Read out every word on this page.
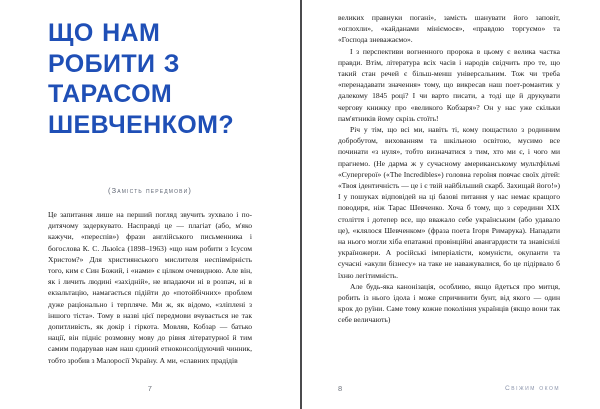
ЩО НАМ РОБИТИ З ТАРАСОМ ШЕВЧЕНКОМ?

(Замість передмови)

Це запитання лише на перший погляд звучить зухвало і по-дитячому задеркувато. Насправді це — плагіат (або, м'яко кажучи, «переспів») фрази англійського письменника і богослова К. С. Льюїса (1898–1963) «що нам робити з Ісусом Христом?» Для християнського мислителя неспівмірність того, ким є Син Божий, і «нами» є цілком очевидною. Але він, як і личить людині «західній», не впадаючи ні в розпач, ні в екзальтацію, намагається підійти до «потойбічних» проблем дуже раціонально і терпляче. Ми ж, як відомо, «зліплені з іншого тіста». Тому в назві цієї передмови вчувається не так допитливість, як докір і гіркота. Мовляв, Кобзар — батько нації, він підніс розмовну мову до рівня літературної й тим самим подарував нам наш єдиний етноконсолідуючий чинник, тобто зробив з Малоросії Україну. А ми, «славних прадідів

7

великих правнуки погані», замість шанувати його заповіт, «оглохли», «кайданами мініємося», «правдою торгуємо» та «Господа зневажаємо».

І з перспективи вогненного пророка в цьому є велика частка правди. Втім, література всіх часів і народів свідчить про те, що такий стан речей є більш-менш універсальним. Тож чи треба «перенадавати значення» тому, що викресав наш поет-романтик у далекому 1845 році? І чи варто писати, а тоді ще й друкувати чергову книжку про «великого Кобзаря»? Он у нас уже скільки пам'ятників йому скрізь стоїть!

Річ у тім, що всі ми, навіть ті, кому пощастило з родинним добробутом, вихованням та шкільною освітою, мусимо все починати «з нуля», тобто визначатися з тим, хто ми є, і чого ми прагнемо. (Не дарма ж у сучасному американському мультфільмі «Супергерої» («The Incredibles») головна героїня повчає своїх дітей: «Твоя ідентичність — це і є твій найбільший скарб. Захищай його!») І у пошуках відповідей на ці базові питання у нас немає кращого поводиря, ніж Тарас Шевченко. Хоча б тому, що з середини XIX століття і дотепер все, що вважало себе українським (або удавало це), «клялося Шевченком» (фраза поета Ігоря Римарука). Нападати на нього могли хіба епатажні провінційні авангардисти та знавіснілі україножери. А російські імперіалісти, комуністи, окупанти та сучасні «акули бізнесу» на таке не наважувалися, бо це підірвало б їхню легітимність.

Але будь-яка канонізація, особливо, якщо йдеться про митця, робить із нього ідола і може спричинити бунт, від якого — один крок до руїни. Саме тому кожне покоління українців (якщо вони так себе величають)

8	Свіжим оком
